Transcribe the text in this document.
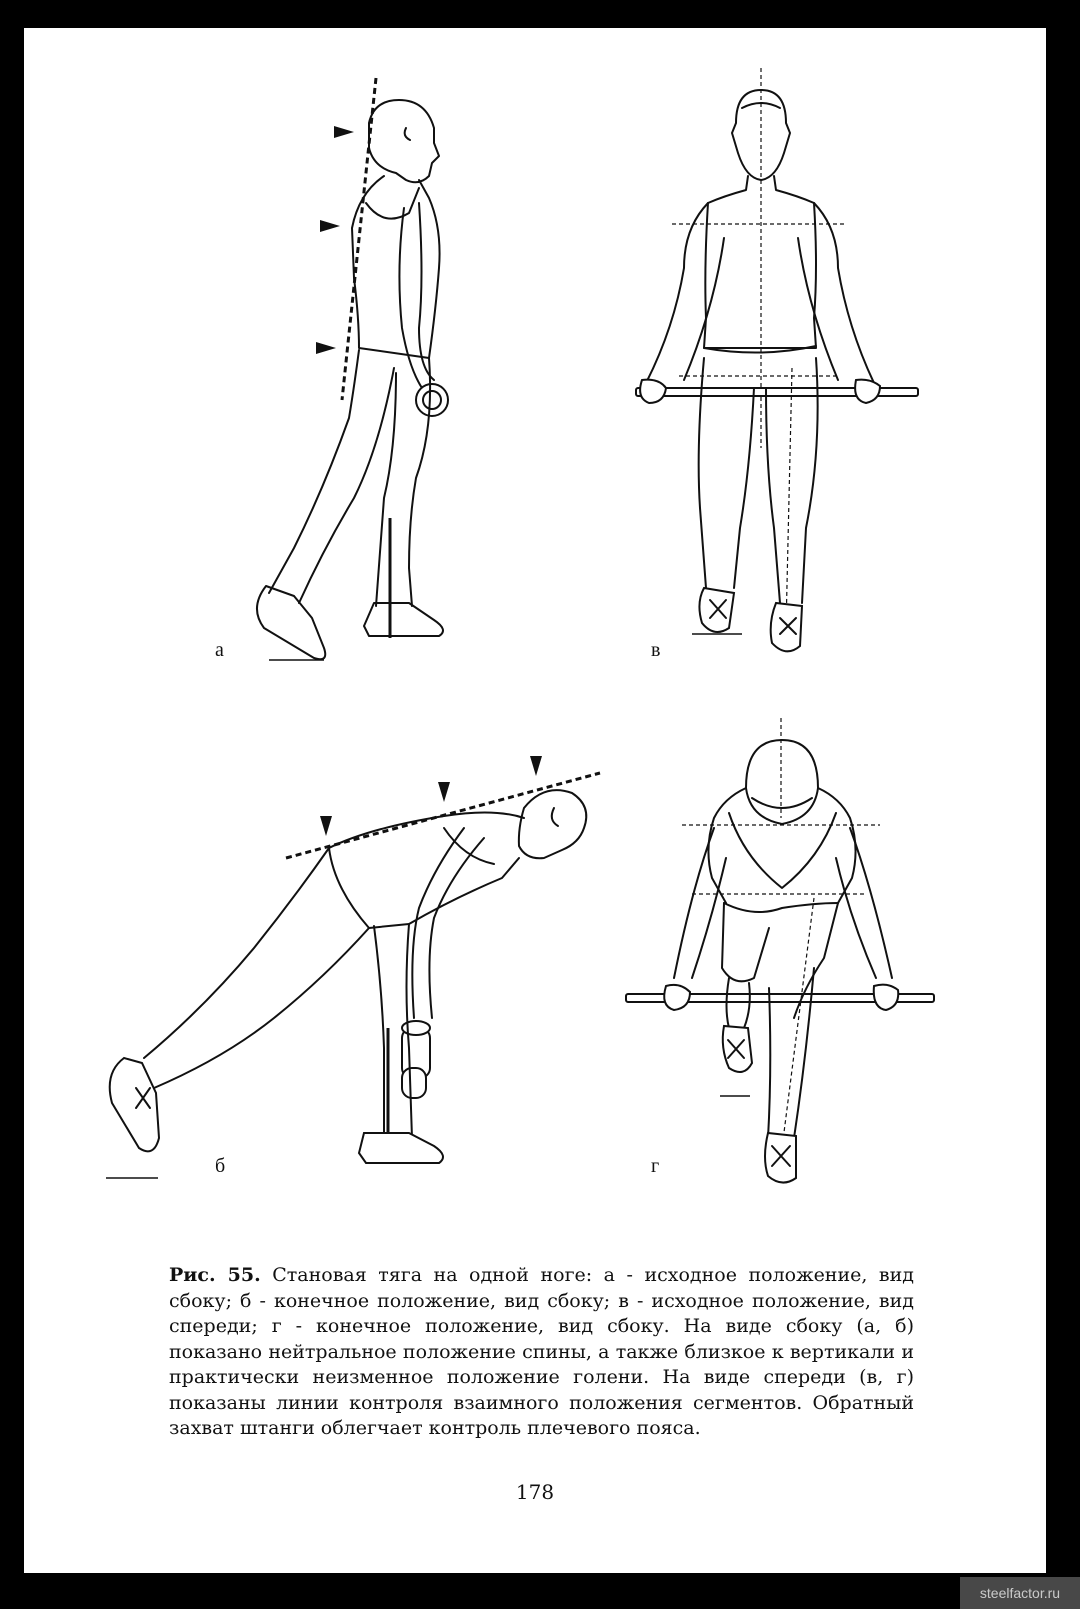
а	в
б	г
Рис. 55. Становая тяга на одной ноге: а - исходное положение, вид сбоку; б - конечное положение, вид сбоку; в - исходное положение, вид спереди; г - конечное положение, вид сбоку. На виде сбоку (а, б) показано нейтральное положение спины, а также близкое к вертикали и практически неизменное положение голени. На виде спереди (в, г) показаны линии контроля взаимного положения сегментов. Обратный захват штанги облегчает контроль плечевого пояса.
178
steelfactor.ru
